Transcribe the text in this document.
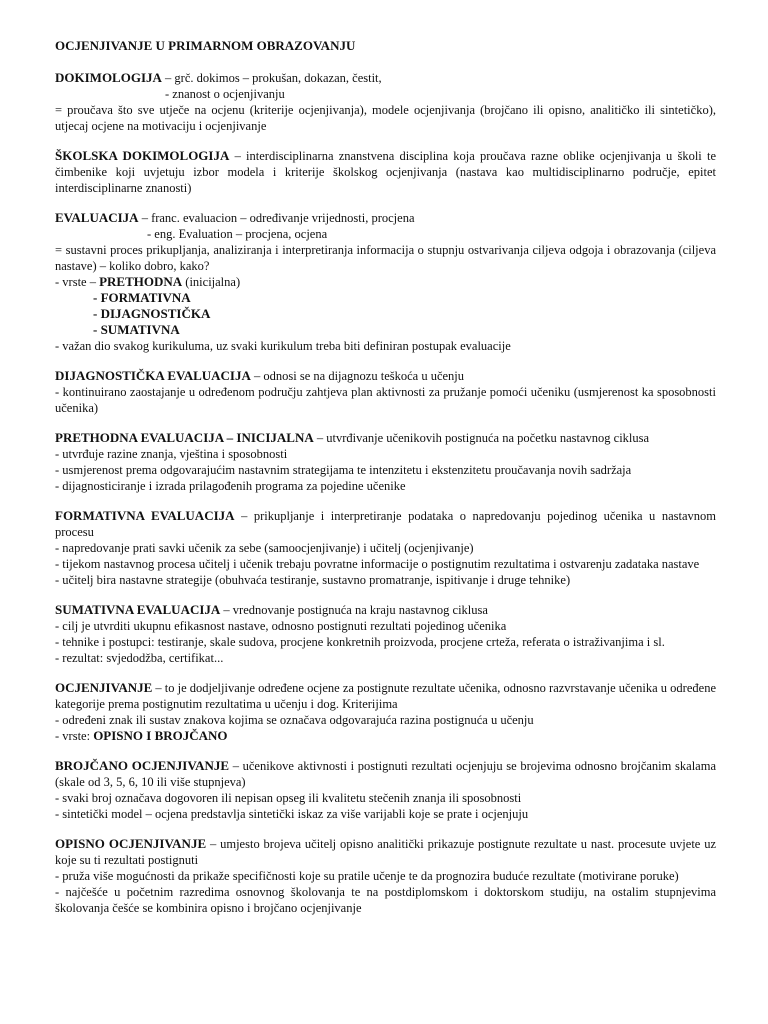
OCJENJIVANJE U PRIMARNOM OBRAZOVANJU

DOKIMOLOGIJA – grč. dokimos – prokušan, dokazan, čestit,

- znanost o ocjenjivanju

= proučava što sve utječe na ocjenu (kriterije ocjenjivanja), modele ocjenjivanja (brojčano ili opisno, analitičko ili sintetičko), utjecaj ocjene na motivaciju i ocjenjivanje

ŠKOLSKA DOKIMOLOGIJA – interdisciplinarna znanstvena disciplina koja proučava razne oblike ocjenjivanja u školi te čimbenike koji uvjetuju izbor modela i kriterije školskog ocjenjivanja (nastava kao multidisciplinarno područje, epitet interdisciplinarne znanosti)

EVALUACIJA – franc. evaluacion – određivanje vrijednosti, procjena

- eng. Evaluation – procjena, ocjena

= sustavni proces prikupljanja, analiziranja i interpretiranja informacija o stupnju ostvarivanja ciljeva odgoja i obrazovanja (ciljeva nastave) – koliko dobro, kako?

- vrste – PRETHODNA (inicijalna)

- FORMATIVNA

- DIJAGNOSTIČKA

- SUMATIVNA

- važan dio svakog kurikuluma, uz svaki kurikulum treba biti definiran postupak evaluacije

DIJAGNOSTIČKA EVALUACIJA – odnosi se na dijagnozu teškoća u učenju

- kontinuirano zaostajanje u određenom području zahtjeva plan aktivnosti za pružanje pomoći učeniku (usmjerenost ka sposobnosti učenika)

PRETHODNA EVALUACIJA – INICIJALNA – utvrđivanje učenikovih postignuća na početku nastavnog ciklusa

- utvrđuje razine znanja, vještina i sposobnosti

- usmjerenost prema odgovarajućim nastavnim strategijama te intenzitetu i ekstenzitetu proučavanja novih sadržaja

- dijagnosticiranje i izrada prilagođenih programa za pojedine učenike

FORMATIVNA EVALUACIJA – prikupljanje i interpretiranje podataka o napredovanju pojedinog učenika u nastavnom procesu

- napredovanje prati savki učenik za sebe (samoocjenjivanje) i učitelj (ocjenjivanje)

- tijekom nastavnog procesa učitelj i učenik trebaju povratne informacije o postignutim rezultatima i ostvarenju zadataka nastave

- učitelj bira nastavne strategije (obuhvaća testiranje, sustavno promatranje, ispitivanje i druge tehnike)

SUMATIVNA EVALUACIJA – vrednovanje postignuća na kraju nastavnog ciklusa

- cilj je utvrditi ukupnu efikasnost nastave, odnosno postignuti rezultati pojedinog učenika

- tehnike i postupci: testiranje, skale sudova, procjene konkretnih proizvoda, procjene crteža, referata o istraživanjima i sl.

- rezultat: svjedodžba, certifikat...

OCJENJIVANJE – to je dodjeljivanje određene ocjene za postignute rezultate učenika, odnosno razvrstavanje učenika u određene kategorije prema postignutim rezultatima u učenju i dog. Kriterijima

- određeni znak ili sustav znakova kojima se označava odgovarajuća razina postignuća u učenju

- vrste: OPISNO I BROJČANO

BROJČANO OCJENJIVANJE – učenikove aktivnosti i postignuti rezultati ocjenjuju se brojevima odnosno brojčanim skalama (skale od 3, 5, 6, 10 ili više stupnjeva)

- svaki broj označava dogovoren ili nepisan opseg ili kvalitetu stečenih znanja ili sposobnosti

- sintetički model – ocjena predstavlja sintetički iskaz za više varijabli koje se prate i ocjenjuju

OPISNO OCJENJIVANJE – umjesto brojeva učitelj opisno analitički prikazuje postignute rezultate u nast. procesute uvjete uz koje su ti rezultati postignuti

- pruža više mogućnosti da prikaže specifičnosti koje su pratile učenje te da prognozira buduće rezultate (motivirane poruke)

- najčešće u početnim razredima osnovnog školovanja te na postdiplomskom i doktorskom studiju, na ostalim stupnjevima školovanja češće se kombinira opisno i brojčano ocjenjivanje
